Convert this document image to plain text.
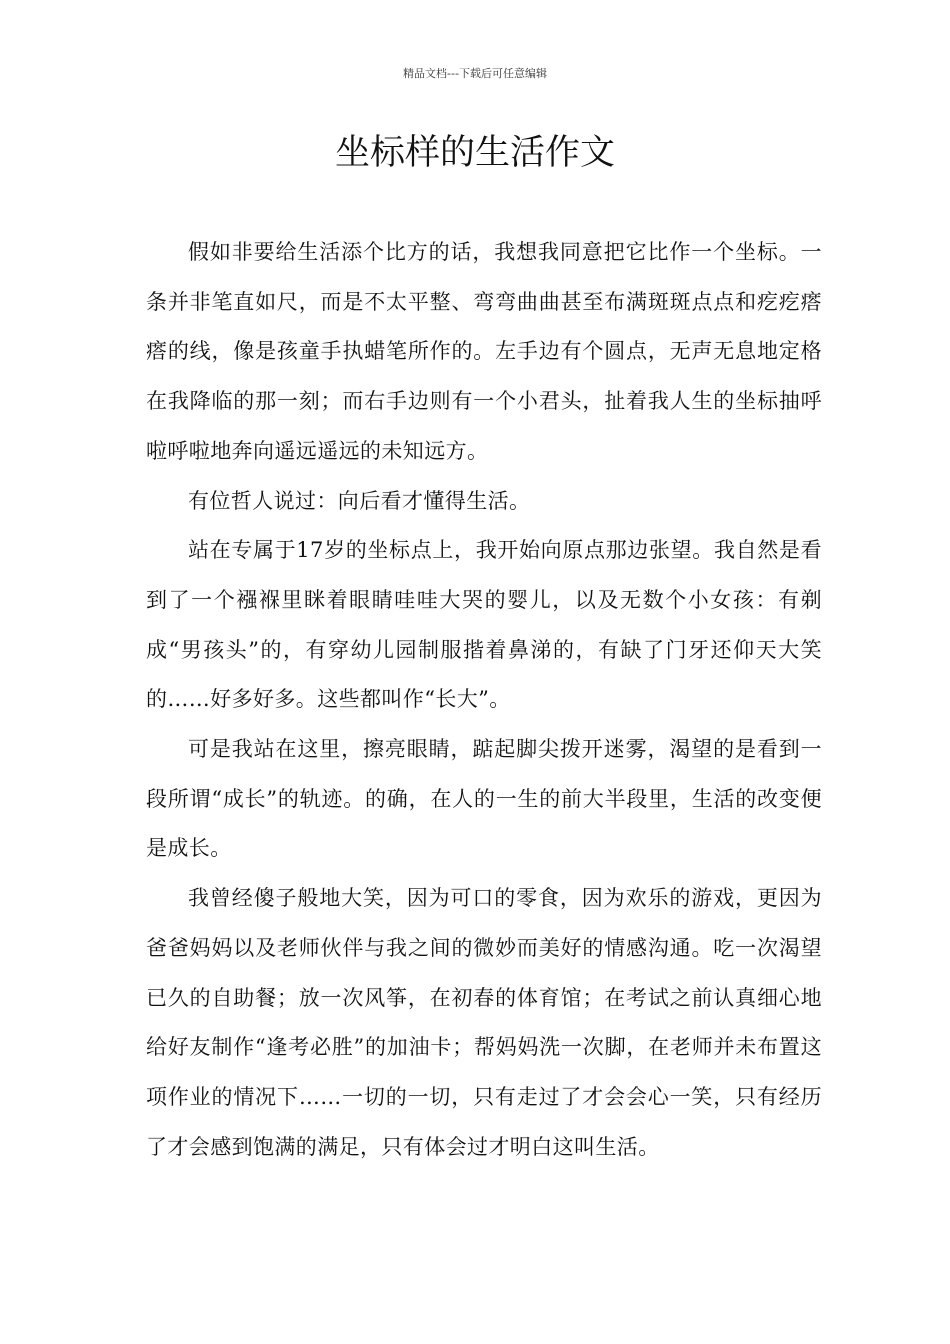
精品文档---下载后可任意编辑
坐标样的生活作文

假如非要给生活添个比方的话，我想我同意把它比作一个坐标。一条并非笔直如尺，而是不太平整、弯弯曲曲甚至布满斑斑点点和疙疙瘩瘩的线，像是孩童手执蜡笔所作的。左手边有个圆点，无声无息地定格在我降临的那一刻；而右手边则有一个小君头，扯着我人生的坐标抽呼啦呼啦地奔向遥远遥远的未知远方。

有位哲人说过：向后看才懂得生活。

站在专属于17岁的坐标点上，我开始向原点那边张望。我自然是看到了一个襁褓里眯着眼睛哇哇大哭的婴儿，以及无数个小女孩：有剃成“男孩头”的，有穿幼儿园制服揩着鼻涕的，有缺了门牙还仰天大笑的……好多好多。这些都叫作“长大”。

可是我站在这里，擦亮眼睛，踮起脚尖拨开迷雾，渴望的是看到一段所谓“成长”的轨迹。的确，在人的一生的前大半段里，生活的改变便是成长。

我曾经傻子般地大笑，因为可口的零食，因为欢乐的游戏，更因为爸爸妈妈以及老师伙伴与我之间的微妙而美好的情感沟通。吃一次渴望已久的自助餐；放一次风筝，在初春的体育馆；在考试之前认真细心地给好友制作“逢考必胜”的加油卡；帮妈妈洗一次脚，在老师并未布置这项作业的情况下……一切的一切，只有走过了才会会心一笑，只有经历了才会感到饱满的满足，只有体会过才明白这叫生活。
